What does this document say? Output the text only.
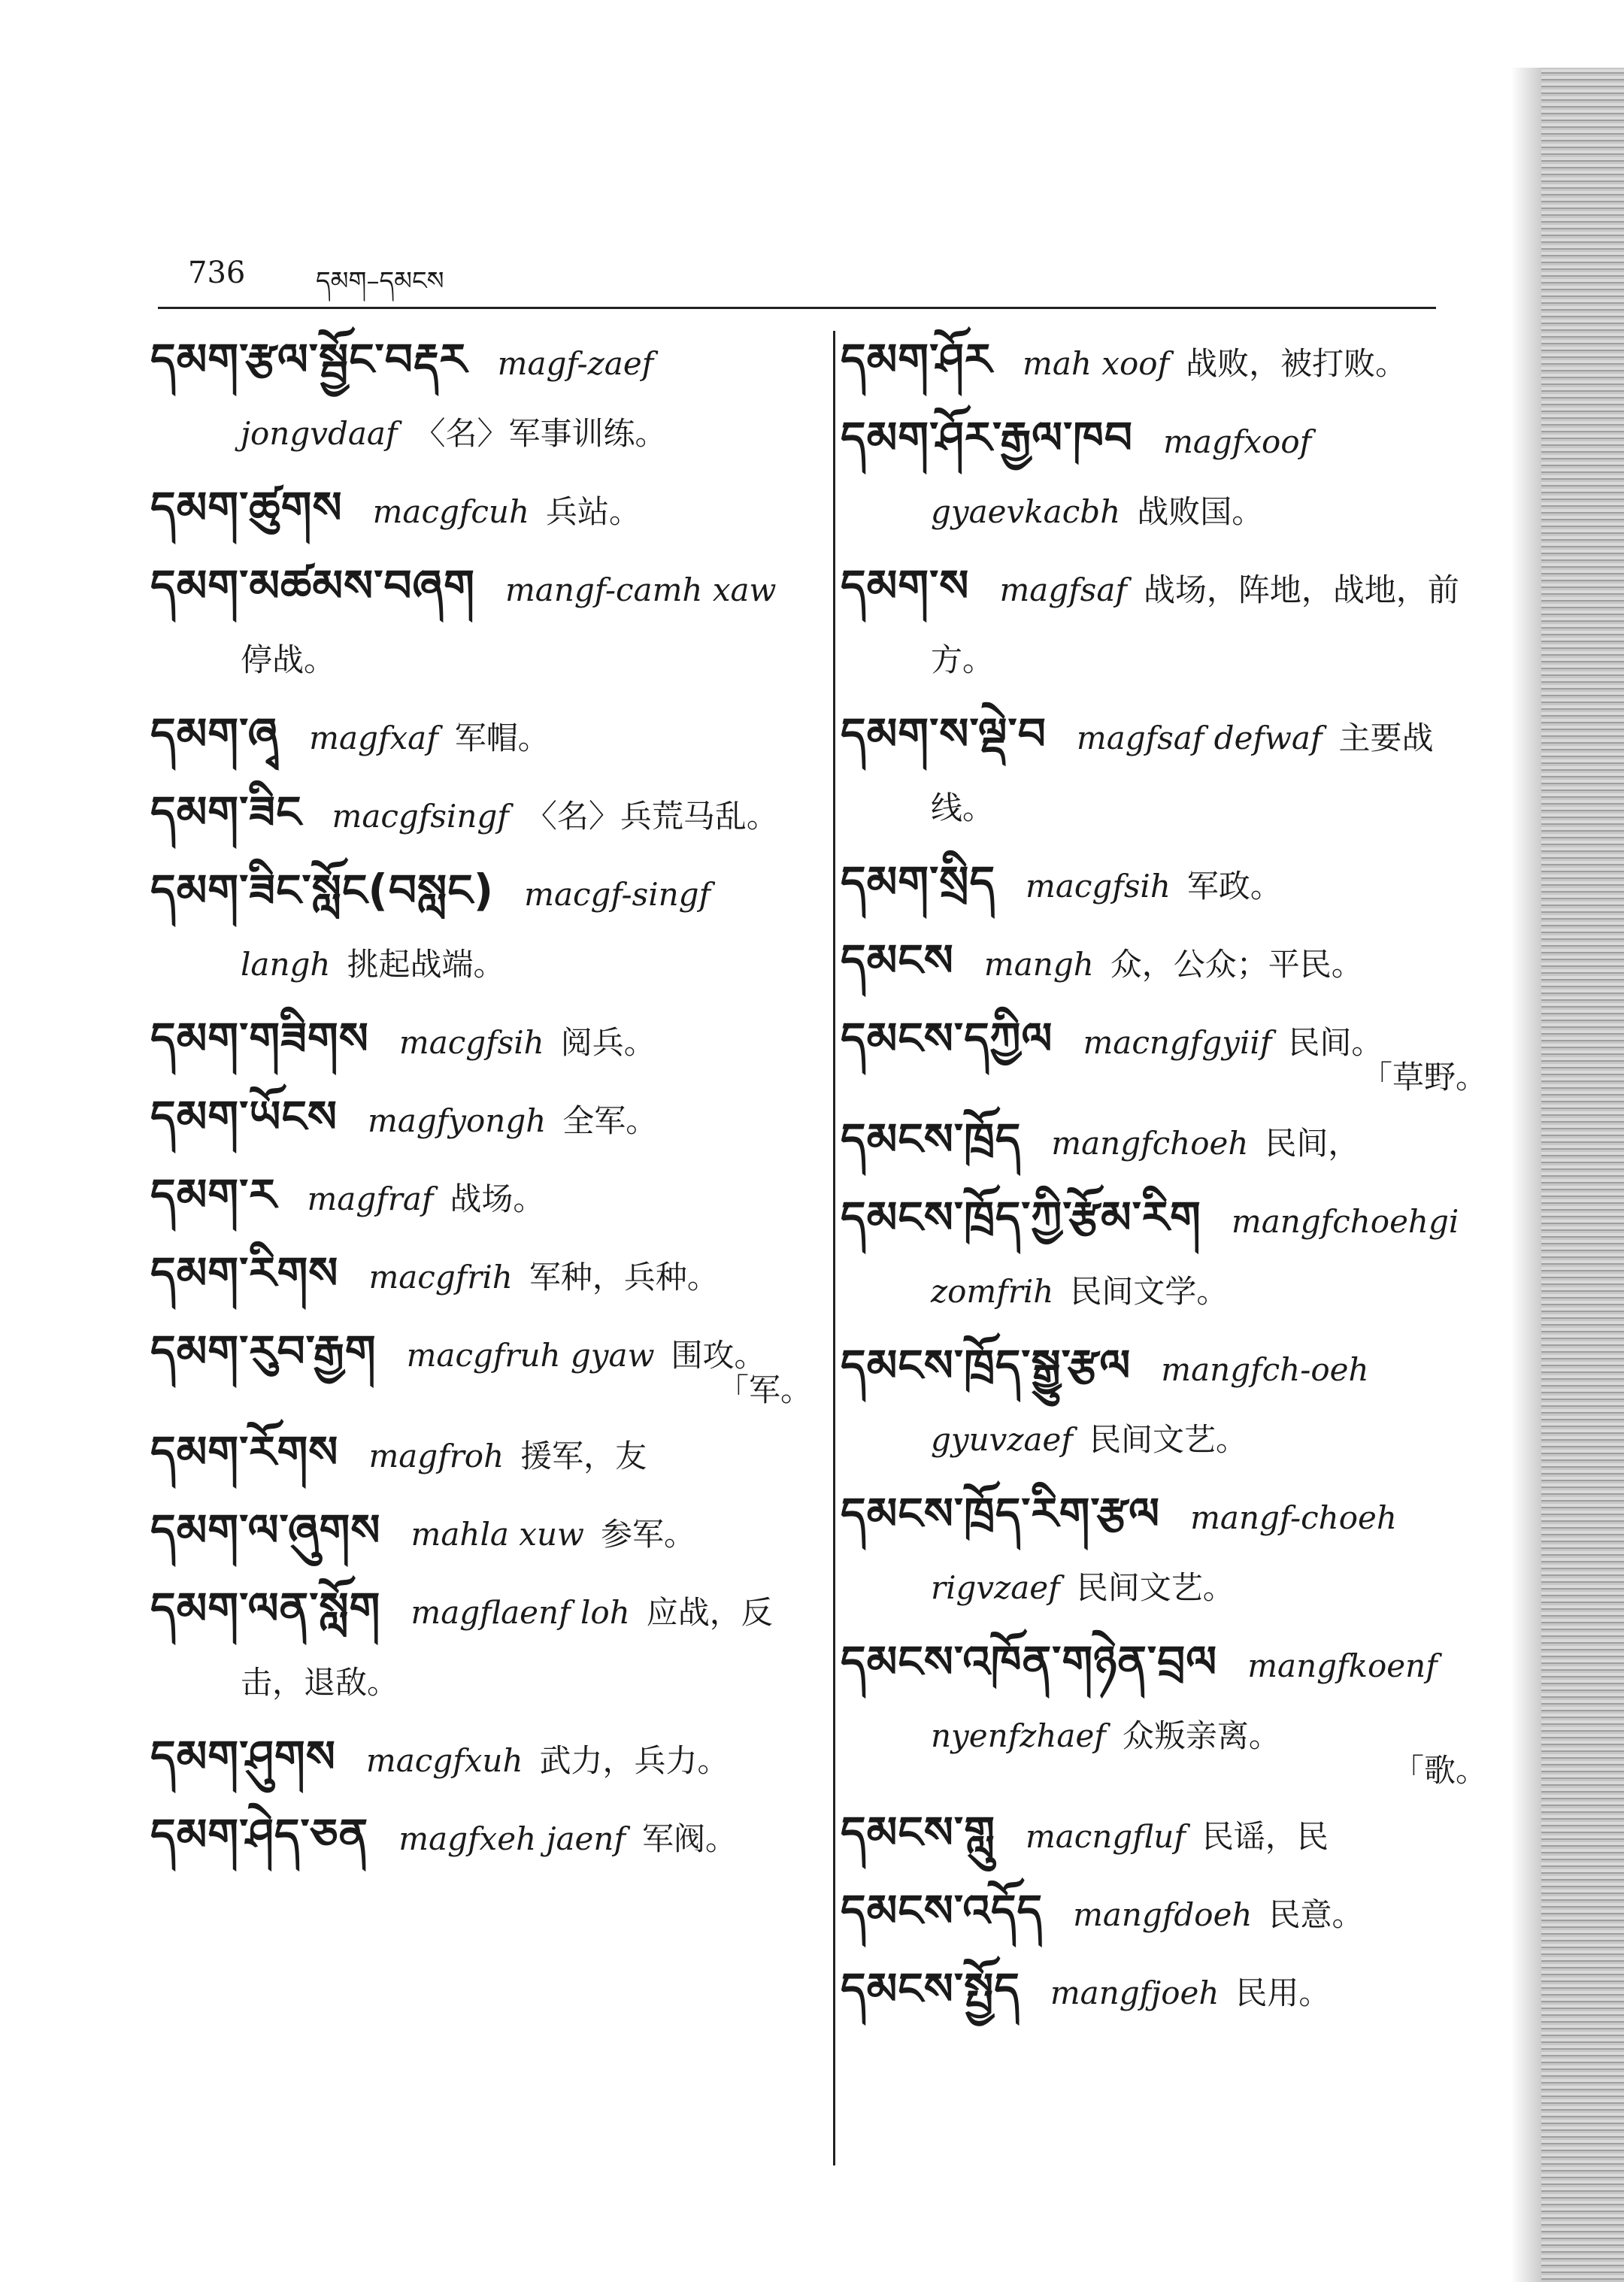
736	དམག–དམངས
དམག་རྩལ་སྦྱོང་བརྡར magf-zaef jongvdaaf 〈名〉军事训练。
དམག་ཚུགས macgfcuh 兵站。
དམག་མཚམས་བཞག mangf-camh xaw停战。
དམག་ཞྭ magfxaf 军帽。
དམག་ཟིང macgfsingf 〈名〉兵荒马乱。
དམག་ཟིང་སློང(བསླང) macgf-singf langh 挑起战端。
དམག་གཟིགས macgfsih 阅兵。
དམག་ཡོངས magfyongh 全军。
དམག་ར magfraf 战场。
དམག་རིགས macgfrih 军种，兵种。
དམག་རུབ་རྒྱག macgfruh gyaw 围攻。
「军。
དམག་རོགས magfroh 援军，友
དམག་ལ་ཞུགས mahla xuw 参军。
དམག་ལན་སློག magflaenf loh 应战，反击，退敌。
དམག་ཤུགས macgfxuh 武力，兵力。
དམག་ཤེད་ཅན magfxeh jaenf 军阀。
དམག་ཤོར mah xoof 战败，被打败。
དམག་ཤོར་རྒྱལ་ཁབ magfxoof gyaevkacbh 战败国。
དམག་ས magfsaf 战场，阵地，战地，前方。
དམག་ས་ལྡེ་བ magfsaf defwaf 主要战线。
དམག་སྲིད macgfsih 军政。
དམངས mangh 众，公众；平民。
དམངས་དཀྱིལ macngfgyiif 民间。
「草野。
དམངས་ཁྲོད mangfchoeh 民间，
དམངས་ཁྲོད་ཀྱི་རྩོམ་རིག mangfchoehgi zomfrih 民间文学。
དམངས་ཁྲོད་སྒྱུ་རྩལ mangfch-oeh gyuvzaef 民间文艺。
དམངས་ཁྲོད་རིག་རྩལ mangf-choeh rigvzaef 民间文艺。
དམངས་འཁོན་གཉེན་བྲལ mangfkoenf nyenfzhaef 众叛亲离。
「歌。
དམངས་གླུ macngfluf 民谣，民
དམངས་འདོད mangfdoeh 民意。
དམངས་སྤྱོད mangfjoeh 民用。
